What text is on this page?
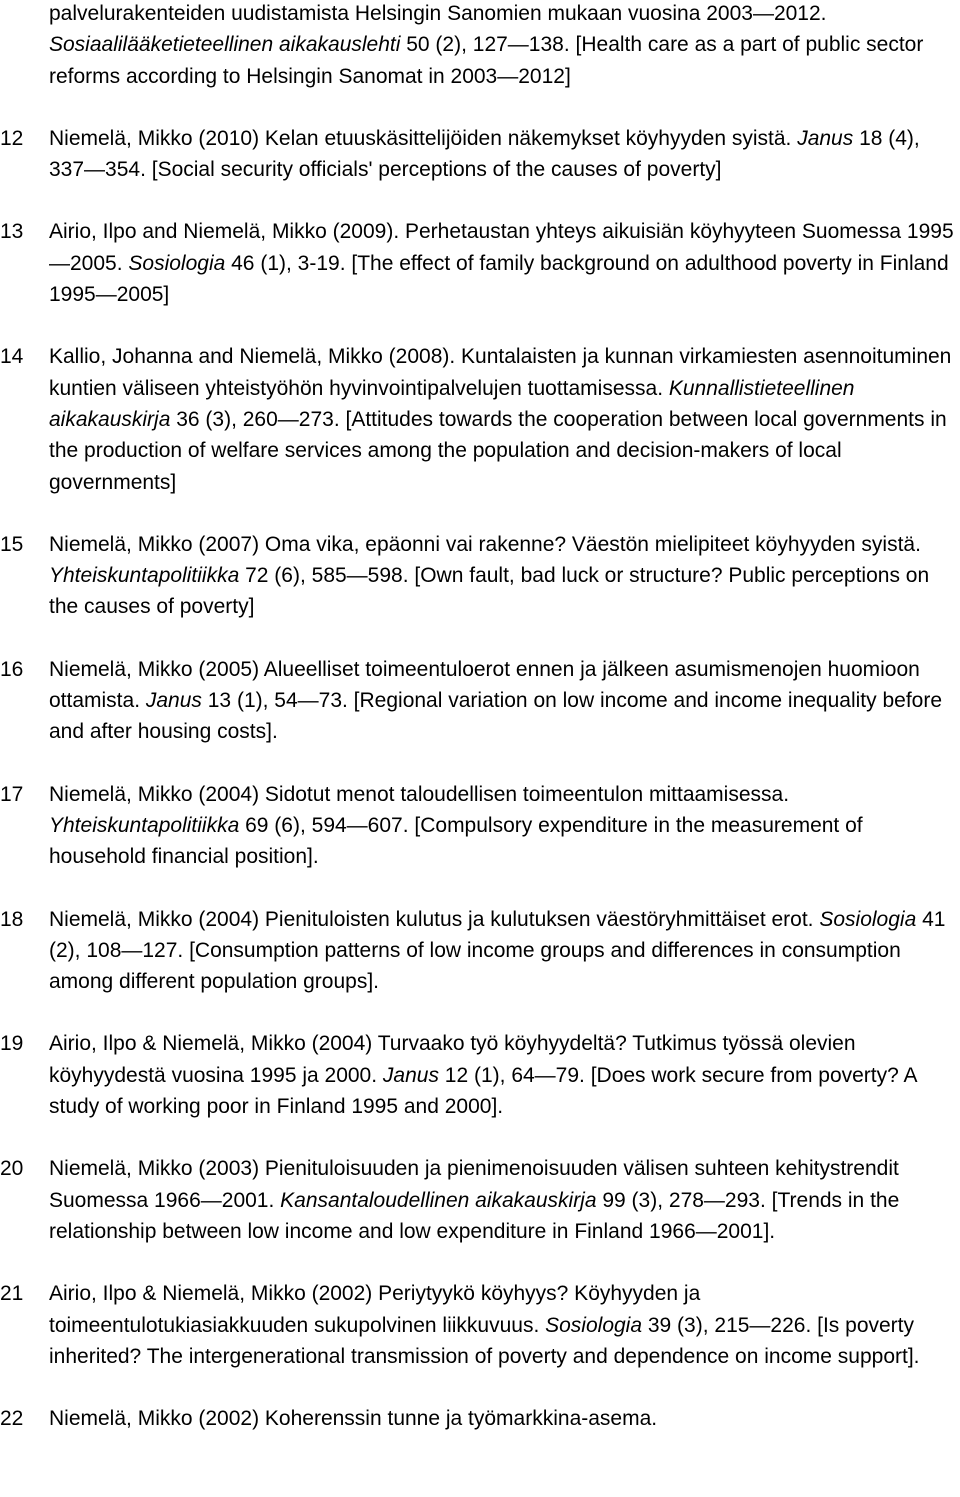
palvelurakenteiden uudistamista Helsingin Sanomien mukaan vuosina 2003—2012. Sosiaalilääketieteellinen aikakauslehti 50 (2), 127—138. [Health care as a part of public sector reforms according to Helsingin Sanomat in 2003—2012]
12 Niemelä, Mikko (2010) Kelan etuuskäsittelijöiden näkemykset köyhyyden syistä. Janus 18 (4), 337—354. [Social security officials' perceptions of the causes of poverty]
13 Airio, Ilpo and Niemelä, Mikko (2009). Perhetaustan yhteys aikuisiän köyhyyteen Suomessa 1995—2005. Sosiologia 46 (1), 3-19. [The effect of family background on adulthood poverty in Finland 1995—2005]
14 Kallio, Johanna and Niemelä, Mikko (2008). Kuntalaisten ja kunnan virkamiesten asennoituminen kuntien väliseen yhteistyöhön hyvinvointipalvelujen tuottamisessa. Kunnallistieteellinen aikakauskirja 36 (3), 260—273. [Attitudes towards the cooperation between local governments in the production of welfare services among the population and decision-makers of local governments]
15 Niemelä, Mikko (2007) Oma vika, epäonni vai rakenne? Väestön mielipiteet köyhyyden syistä. Yhteiskuntapolitiikka 72 (6), 585—598. [Own fault, bad luck or structure? Public perceptions on the causes of poverty]
16 Niemelä, Mikko (2005) Alueelliset toimeentuloerot ennen ja jälkeen asumismenojen huomioon ottamista. Janus 13 (1), 54—73. [Regional variation on low income and income inequality before and after housing costs].
17 Niemelä, Mikko (2004) Sidotut menot taloudellisen toimeentulon mittaamisessa. Yhteiskuntapolitiikka 69 (6), 594—607. [Compulsory expenditure in the measurement of household financial position].
18 Niemelä, Mikko (2004) Pienituloisten kulutus ja kulutuksen väestöryhmittäiset erot. Sosiologia 41 (2), 108—127. [Consumption patterns of low income groups and differences in consumption among different population groups].
19 Airio, Ilpo & Niemelä, Mikko (2004) Turvaako työ köyhyydeltä? Tutkimus työssä olevien köyhyydestä vuosina 1995 ja 2000. Janus 12 (1), 64—79. [Does work secure from poverty? A study of working poor in Finland 1995 and 2000].
20 Niemelä, Mikko (2003) Pienituloisuuden ja pienimenoisuuden välisen suhteen kehitystrendit Suomessa 1966—2001. Kansantaloudellinen aikakauskirja 99 (3), 278—293. [Trends in the relationship between low income and low expenditure in Finland 1966—2001].
21 Airio, Ilpo & Niemelä, Mikko (2002) Periytyykö köyhyys? Köyhyyden ja toimeentulotukiasiakkuuden sukupolvinen liikkuvuus. Sosiologia 39 (3), 215—226. [Is poverty inherited? The intergenerational transmission of poverty and dependence on income support].
22 Niemelä, Mikko (2002) Koherenssin tunne ja työmarkkina-asema.
